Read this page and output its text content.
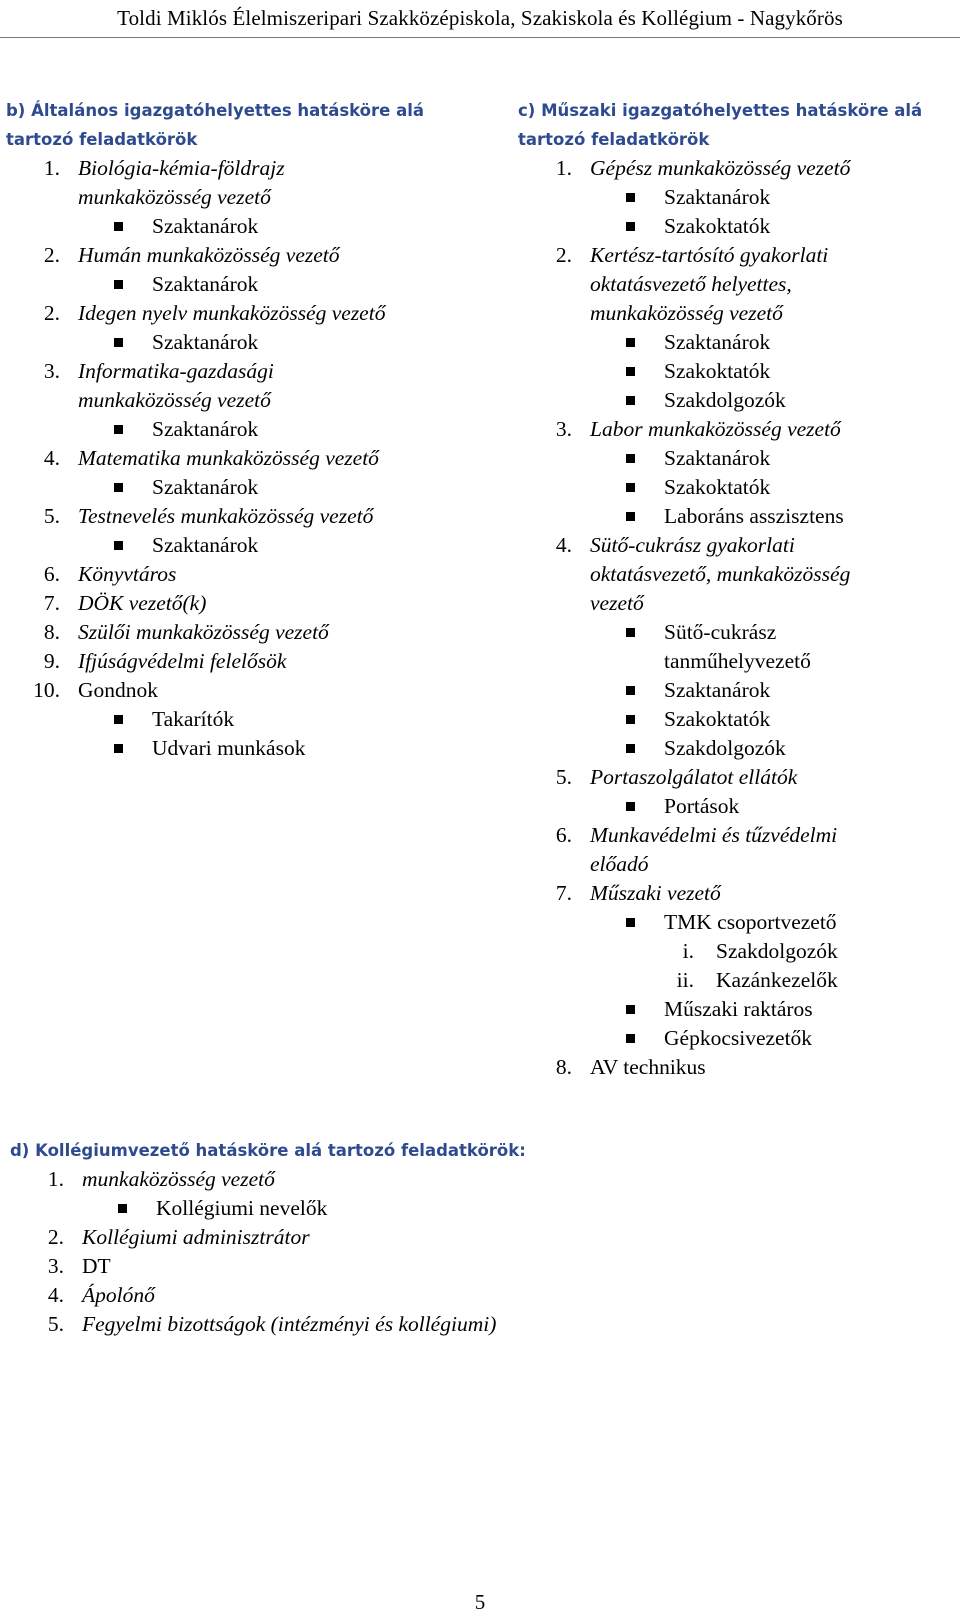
Toldi Miklós Élelmiszeripari Szakközépiskola, Szakiskola és Kollégium - Nagykőrös
b) Általános igazgatóhelyettes hatásköre alá
tartozó feladatkörök
1. Biológia-kémia-földrajz
munkaközösség vezető
Szaktanárok
2. Humán munkaközösség vezető
Szaktanárok
2. Idegen nyelv munkaközösség vezető
Szaktanárok
3. Informatika-gazdasági
munkaközösség vezető
Szaktanárok
4. Matematika munkaközösség vezető
Szaktanárok
5. Testnevelés munkaközösség vezető
Szaktanárok
6. Könyvtáros
7. DÖK vezető(k)
8. Szülői munkaközösség vezető
9. Ifjúságvédelmi felelősök
10. Gondnok
Takarítók
Udvari munkások
c) Műszaki igazgatóhelyettes hatásköre alá
tartozó feladatkörök
1. Gépész munkaközösség vezető
Szaktanárok
Szakoktatók
2. Kertész-tartósító gyakorlati
oktatásvezető helyettes,
munkaközösség vezető
Szaktanárok
Szakoktatók
Szakdolgozók
3. Labor munkaközösség vezető
Szaktanárok
Szakoktatók
Laboráns asszisztens
4. Sütő-cukrász gyakorlati
oktatásvezető, munkaközösség
vezető
Sütő-cukrász
tanműhelyvezető
Szaktanárok
Szakoktatók
Szakdolgozók
5. Portaszolgálatot ellátók
Portások
6. Munkavédelmi és tűzvédelmi
előadó
7. Műszaki vezető
TMK csoportvezető
i. Szakdolgozók
ii. Kazánkezelők
Műszaki raktáros
Gépkocsivezetők
8. AV technikus
d) Kollégiumvezető hatásköre alá tartozó feladatkörök:
1. munkaközösség vezető
Kollégiumi nevelők
2. Kollégiumi adminisztrátor
3. DT
4. Ápolónő
5. Fegyelmi bizottságok (intézményi és kollégiumi)
5
